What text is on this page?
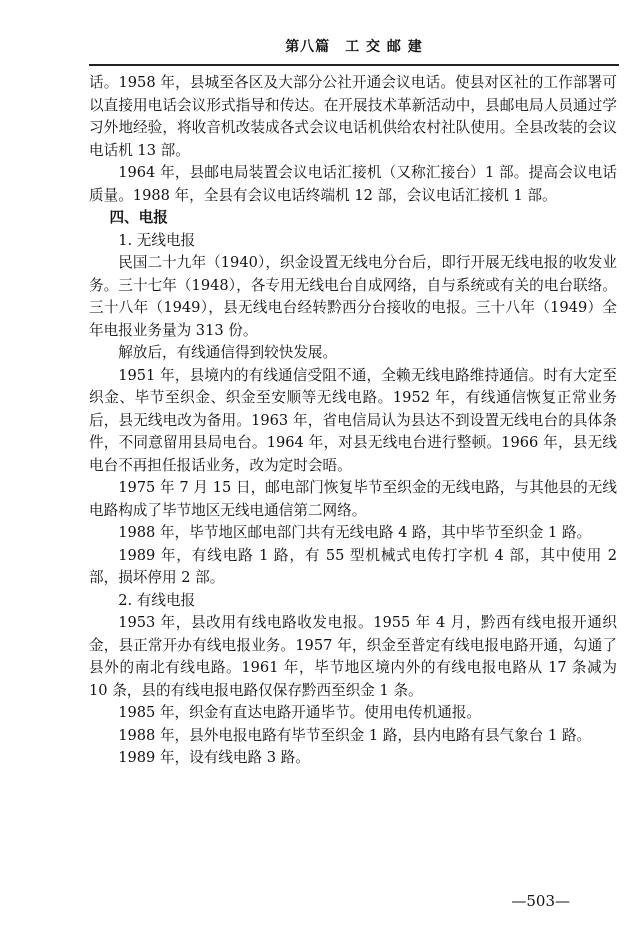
第八篇　工 交 邮 建

话。1958 年，县城至各区及大部分公社开通会议电话。使县对区社的工作部署可以直接用电话会议形式指导和传达。在开展技术革新活动中，县邮电局人员通过学习外地经验，将收音机改装成各式会议电话机供给农村社队使用。全县改装的会议电话机 13 部。

1964 年，县邮电局装置会议电话汇接机（又称汇接台）1 部。提高会议电话质量。1988 年，全县有会议电话终端机 12 部，会议电话汇接机 1 部。

四、电报

1. 无线电报

民国二十九年（1940），织金设置无线电分台后，即行开展无线电报的收发业务。三十七年（1948），各专用无线电台自成网络，自与系统或有关的电台联络。三十八年（1949），县无线电台经转黔西分台接收的电报。三十八年（1949）全年电报业务量为 313 份。

解放后，有线通信得到较快发展。

1951 年，县境内的有线通信受阻不通，全赖无线电路维持通信。时有大定至织金、毕节至织金、织金至安顺等无线电路。1952 年，有线通信恢复正常业务后，县无线电改为备用。1963 年，省电信局认为县达不到设置无线电台的具体条件，不同意留用县局电台。1964 年，对县无线电台进行整顿。1966 年，县无线电台不再担任报话业务，改为定时会晤。

1975 年 7 月 15 日，邮电部门恢复毕节至织金的无线电路，与其他县的无线电路构成了毕节地区无线电通信第二网络。

1988 年，毕节地区邮电部门共有无线电路 4 路，其中毕节至织金 1 路。

1989 年，有线电路 1 路，有 55 型机械式电传打字机 4 部，其中使用 2 部，损坏停用 2 部。

2. 有线电报

1953 年，县改用有线电路收发电报。1955 年 4 月，黔西有线电报开通织金，县正常开办有线电报业务。1957 年，织金至普定有线电报电路开通，勾通了县外的南北有线电路。1961 年，毕节地区境内外的有线电报电路从 17 条减为 10 条，县的有线电报电路仅保存黔西至织金 1 条。

1985 年，织金有直达电路开通毕节。使用电传机通报。

1988 年，县外电报电路有毕节至织金 1 路，县内电路有县气象台 1 路。

1989 年，设有线电路 3 路。

—503—
